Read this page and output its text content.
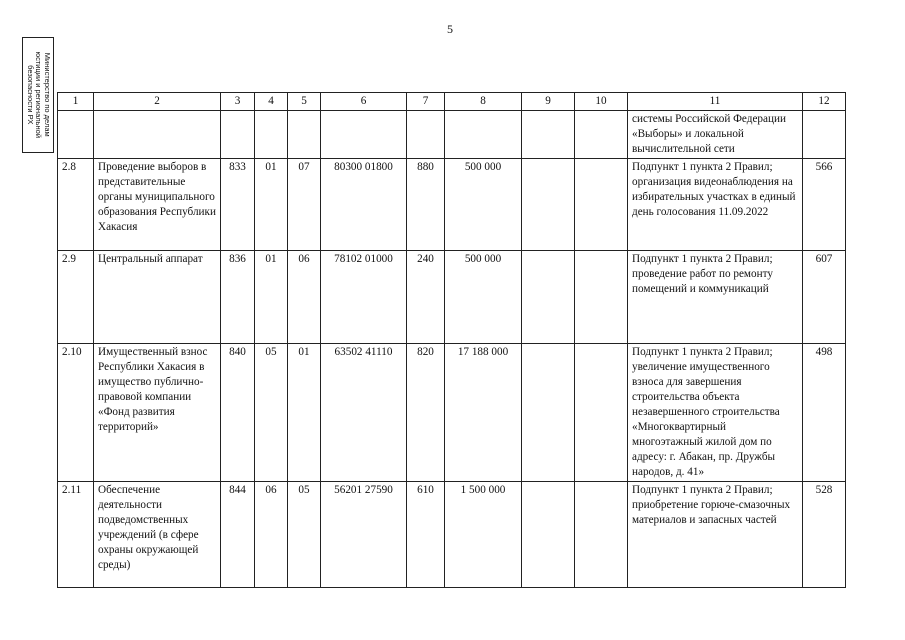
5
Министерство по делам
юстиции и региональной
безопасности РХ	1	2	3	4	5	6	7	8	9	10	11	12
										системы Российской Федерации «Выборы» и локальной вычислительной сети	
2.8	Проведение выборов в представительные органы муниципального образования Республики Хакасия	833	01	07	80300 01800	880	500 000			Подпункт 1 пункта 2 Правил; организация видеонаблюдения на избирательных участках в единый день голосования 11.09.2022	566
2.9	Центральный аппарат	836	01	06	78102 01000	240	500 000			Подпункт 1 пункта 2 Правил; проведение работ по ремонту помещений и коммуникаций	607
2.10	Имущественный взнос Республики Хакасия в имущество публично-правовой компании «Фонд развития территорий»	840	05	01	63502 41110	820	17 188 000			Подпункт 1 пункта 2 Правил; увеличение имущественного взноса для завершения строительства объекта незавершенного строительства «Многоквартирный многоэтажный жилой дом по адресу: г. Абакан, пр. Дружбы народов, д. 41»	498
2.11	Обеспечение деятельности подведомственных учреждений (в сфере охраны окружающей среды)	844	06	05	56201 27590	610	1 500 000			Подпункт 1 пункта 2 Правил; приобретение горюче-смазочных материалов и запасных частей	528
